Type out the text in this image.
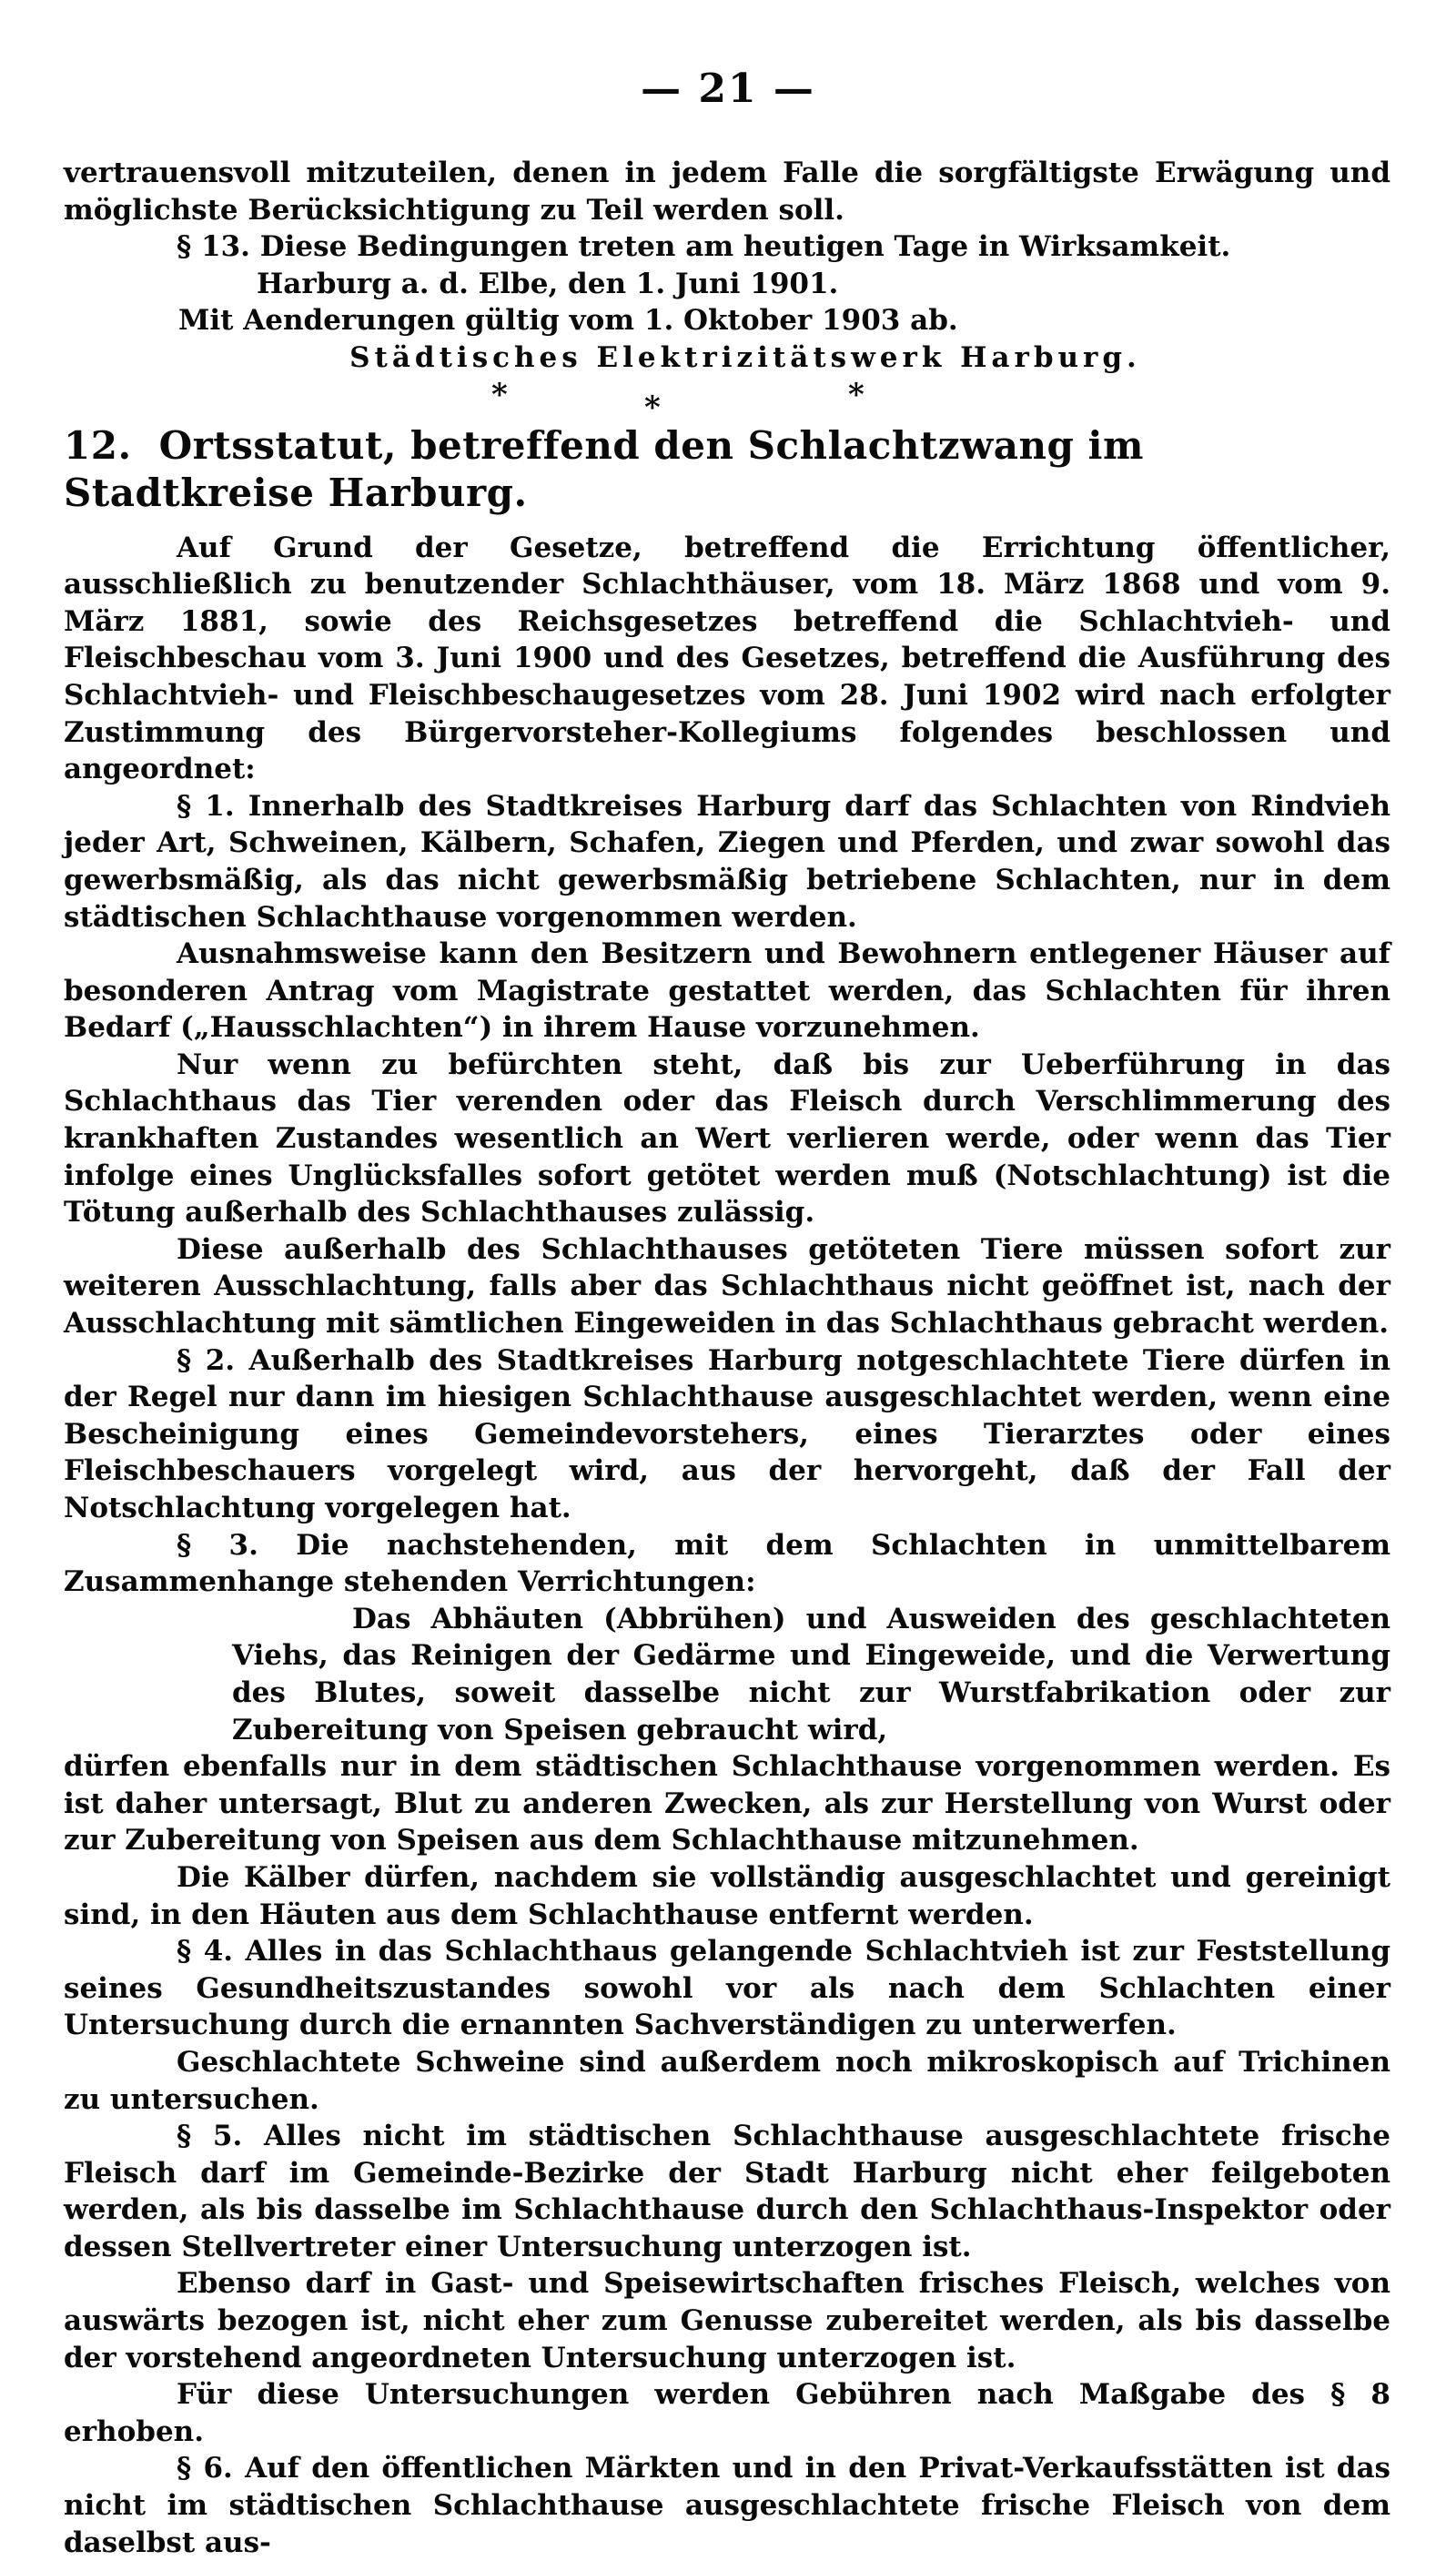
— 21 —

vertrauensvoll mitzuteilen, denen in jedem Falle die sorgfältigste Erwägung und möglichste Berücksichtigung zu Teil werden soll.

§ 13. Diese Bedingungen treten am heutigen Tage in Wirksamkeit.

Harburg a. d. Elbe, den 1. Juni 1901.

Mit Aenderungen gültig vom 1. Oktober 1903 ab.

Städtisches Elektrizitätswerk Harburg.

*	*	*

12. Ortsstatut, betreffend den Schlachtzwang im Stadtkreise Harburg.

Auf Grund der Gesetze, betreffend die Errichtung öffentlicher, ausschließlich zu benutzender Schlachthäuser, vom 18. März 1868 und vom 9. März 1881, sowie des Reichsgesetzes betreffend die Schlachtvieh- und Fleischbeschau vom 3. Juni 1900 und des Gesetzes, betreffend die Ausführung des Schlachtvieh- und Fleischbeschaugesetzes vom 28. Juni 1902 wird nach erfolgter Zustimmung des Bürgervorsteher-Kollegiums folgendes beschlossen und angeordnet:

§ 1. Innerhalb des Stadtkreises Harburg darf das Schlachten von Rindvieh jeder Art, Schweinen, Kälbern, Schafen, Ziegen und Pferden, und zwar sowohl das gewerbsmäßig, als das nicht gewerbsmäßig betriebene Schlachten, nur in dem städtischen Schlachthause vorgenommen werden.

Ausnahmsweise kann den Besitzern und Bewohnern entlegener Häuser auf besonderen Antrag vom Magistrate gestattet werden, das Schlachten für ihren Bedarf („Hausschlachten“) in ihrem Hause vorzunehmen.

Nur wenn zu befürchten steht, daß bis zur Ueberführung in das Schlachthaus das Tier verenden oder das Fleisch durch Verschlimmerung des krankhaften Zustandes wesentlich an Wert verlieren werde, oder wenn das Tier infolge eines Unglücksfalles sofort getötet werden muß (Notschlachtung) ist die Tötung außerhalb des Schlachthauses zulässig.

Diese außerhalb des Schlachthauses getöteten Tiere müssen sofort zur weiteren Ausschlachtung, falls aber das Schlachthaus nicht geöffnet ist, nach der Ausschlachtung mit sämtlichen Eingeweiden in das Schlachthaus gebracht werden.

§ 2. Außerhalb des Stadtkreises Harburg notgeschlachtete Tiere dürfen in der Regel nur dann im hiesigen Schlachthause ausgeschlachtet werden, wenn eine Bescheinigung eines Gemeindevorstehers, eines Tierarztes oder eines Fleischbeschauers vorgelegt wird, aus der hervorgeht, daß der Fall der Notschlachtung vorgelegen hat.

§ 3. Die nachstehenden, mit dem Schlachten in unmittelbarem Zusammenhange stehenden Verrichtungen:

Das Abhäuten (Abbrühen) und Ausweiden des geschlachteten Viehs, das Reinigen der Gedärme und Eingeweide, und die Verwertung des Blutes, soweit dasselbe nicht zur Wurstfabrikation oder zur Zubereitung von Speisen gebraucht wird,

dürfen ebenfalls nur in dem städtischen Schlachthause vorgenommen werden. Es ist daher untersagt, Blut zu anderen Zwecken, als zur Herstellung von Wurst oder zur Zubereitung von Speisen aus dem Schlachthause mitzunehmen.

Die Kälber dürfen, nachdem sie vollständig ausgeschlachtet und gereinigt sind, in den Häuten aus dem Schlachthause entfernt werden.

§ 4. Alles in das Schlachthaus gelangende Schlachtvieh ist zur Feststellung seines Gesundheitszustandes sowohl vor als nach dem Schlachten einer Untersuchung durch die ernannten Sachverständigen zu unterwerfen.

Geschlachtete Schweine sind außerdem noch mikroskopisch auf Trichinen zu untersuchen.

§ 5. Alles nicht im städtischen Schlachthause ausgeschlachtete frische Fleisch darf im Gemeinde-Bezirke der Stadt Harburg nicht eher feilgeboten werden, als bis dasselbe im Schlachthause durch den Schlachthaus-Inspektor oder dessen Stellvertreter einer Untersuchung unterzogen ist.

Ebenso darf in Gast- und Speisewirtschaften frisches Fleisch, welches von auswärts bezogen ist, nicht eher zum Genusse zubereitet werden, als bis dasselbe der vorstehend angeordneten Untersuchung unterzogen ist.

Für diese Untersuchungen werden Gebühren nach Maßgabe des § 8 erhoben.

§ 6. Auf den öffentlichen Märkten und in den Privat-Verkaufsstätten ist das nicht im städtischen Schlachthause ausgeschlachtete frische Fleisch von dem daselbst aus-
